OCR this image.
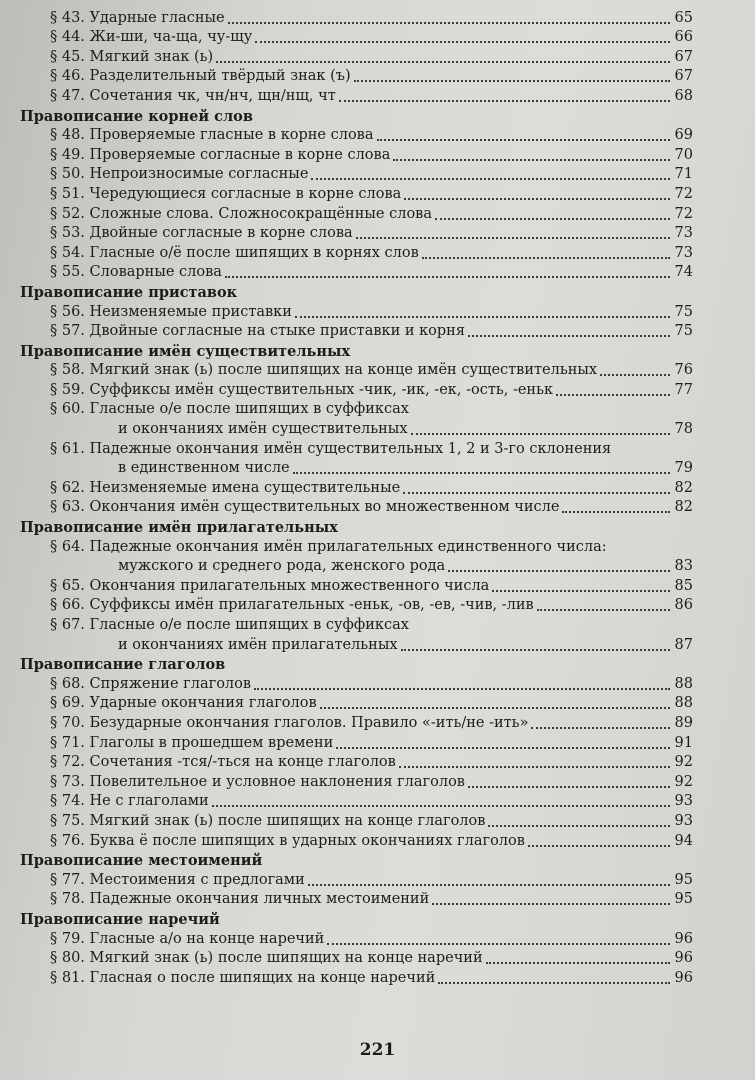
§ 43. Ударные гласные	65
§ 44. Жи-ши, ча-ща, чу-щу	66
§ 45. Мягкий знак (ь)	67
§ 46. Разделительный твёрдый знак (ъ)	67
§ 47. Сочетания чк, чн/нч, щн/нщ, чт	68
Правописание корней слов
§ 48. Проверяемые гласные в корне слова	69
§ 49. Проверяемые согласные в корне слова	70
§ 50. Непроизносимые согласные	71
§ 51. Чередующиеся согласные в корне слова	72
§ 52. Сложные слова. Сложносокращённые слова	72
§ 53. Двойные согласные в корне слова	73
§ 54. Гласные о/ё после шипящих в корнях слов	73
§ 55. Словарные слова	74
Правописание приставок
§ 56. Неизменяемые приставки	75
§ 57. Двойные согласные на стыке приставки и корня	75
Правописание имён существительных
§ 58. Мягкий знак (ь) после шипящих на конце имён существительных	76
§ 59. Суффиксы имён существительных -чик, -ик, -ек, -ость, -еньк	77
§ 60. Гласные о/е после шипящих в суффиксах
и окончаниях имён существительных	78
§ 61. Падежные окончания имён существительных 1, 2 и 3-го склонения
в единственном числе	79
§ 62. Неизменяемые имена существительные	82
§ 63. Окончания имён существительных во множественном числе	82
Правописание имён прилагательных
§ 64. Падежные окончания имён прилагательных единственного числа:
мужского и среднего рода, женского рода	83
§ 65. Окончания прилагательных множественного числа	85
§ 66. Суффиксы имён прилагательных -еньк, -ов, -ев, -чив, -лив	86
§ 67. Гласные о/е после шипящих в суффиксах
и окончаниях имён прилагательных	87
Правописание глаголов
§ 68. Спряжение глаголов	88
§ 69. Ударные окончания глаголов	88
§ 70. Безударные окончания глаголов. Правило «-ить/не -ить»	89
§ 71. Глаголы в прошедшем времени	91
§ 72. Сочетания -тся/-ться на конце глаголов	92
§ 73. Повелительное и условное наклонения глаголов	92
§ 74. Не с глаголами	93
§ 75. Мягкий знак (ь) после шипящих на конце глаголов	93
§ 76. Буква ё после шипящих в ударных окончаниях глаголов	94
Правописание местоимений
§ 77. Местоимения с предлогами	95
§ 78. Падежные окончания личных местоимений	95
Правописание наречий
§ 79. Гласные а/о на конце наречий	96
§ 80. Мягкий знак (ь) после шипящих на конце наречий	96
§ 81. Гласная о после шипящих на конце наречий	96
221
